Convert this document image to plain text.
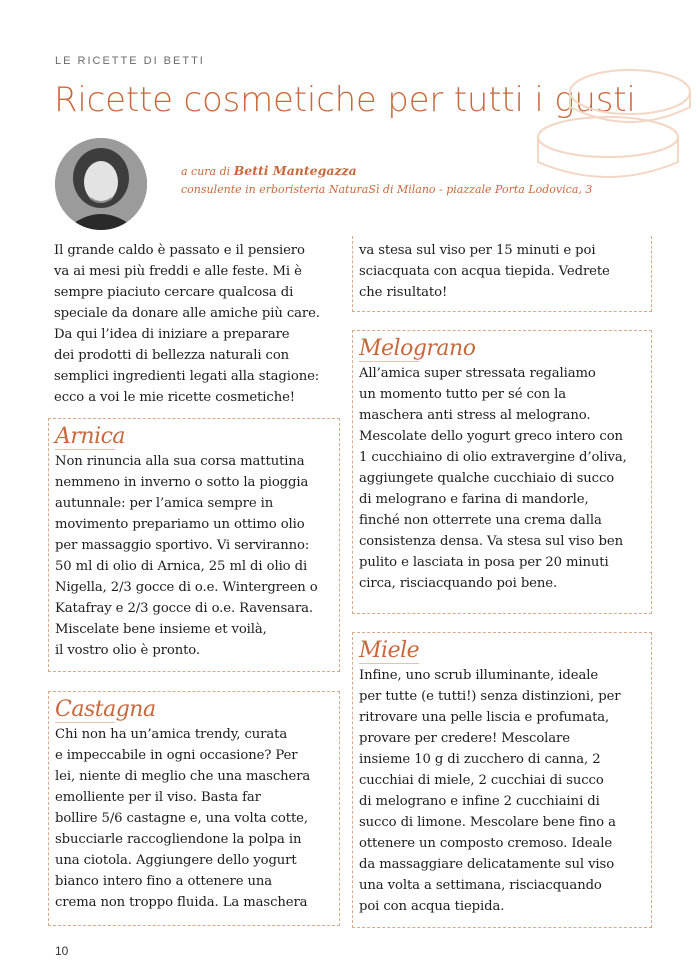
LE RICETTE DI BETTI
Ricette cosmetiche per tutti i gusti
a cura di Betti Mantegazza
consulente in erboristeria NaturaSì di Milano - piazzale Porta Lodovica, 3

Il grande caldo è passato e il pensiero

va ai mesi più freddi e alle feste. Mi è

sempre piaciuto cercare qualcosa di

speciale da donare alle amiche più care.

Da qui l’idea di iniziare a preparare

dei prodotti di bellezza naturali con

semplici ingredienti legati alla stagione:

ecco a voi le mie ricette cosmetiche!

Arnica

Non rinuncia alla sua corsa mattutina

nemmeno in inverno o sotto la pioggia

autunnale: per l’amica sempre in

movimento prepariamo un ottimo olio

per massaggio sportivo. Vi serviranno:

50 ml di olio di Arnica, 25 ml di olio di

Nigella, 2/3 gocce di o.e. Wintergreen o

Katafray e 2/3 gocce di o.e. Ravensara.

Miscelate bene insieme et voilà,

il vostro olio è pronto.

Castagna

Chi non ha un’amica trendy, curata

e impeccabile in ogni occasione? Per

lei, niente di meglio che una maschera

emolliente per il viso. Basta far

bollire 5/6 castagne e, una volta cotte,

sbucciarle raccogliendone la polpa in

una ciotola. Aggiungere dello yogurt

bianco intero fino a ottenere una

crema non troppo fluida. La maschera

va stesa sul viso per 15 minuti e poi

sciacquata con acqua tiepida. Vedrete

che risultato!

Melograno

All’amica super stressata regaliamo

un momento tutto per sé con la

maschera anti stress al melograno.

Mescolate dello yogurt greco intero con

1 cucchiaino di olio extravergine d’oliva,

aggiungete qualche cucchiaio di succo

di melograno e farina di mandorle,

finché non otterrete una crema dalla

consistenza densa. Va stesa sul viso ben

pulito e lasciata in posa per 20 minuti

circa, risciacquando poi bene.

Miele

Infine, uno scrub illuminante, ideale

per tutte (e tutti!) senza distinzioni, per

ritrovare una pelle liscia e profumata,

provare per credere! Mescolare

insieme 10 g di zucchero di canna, 2

cucchiai di miele, 2 cucchiai di succo

di melograno e infine 2 cucchiaini di

succo di limone. Mescolare bene fino a

ottenere un composto cremoso. Ideale

da massaggiare delicatamente sul viso

una volta a settimana, risciacquando

poi con acqua tiepida.

10
